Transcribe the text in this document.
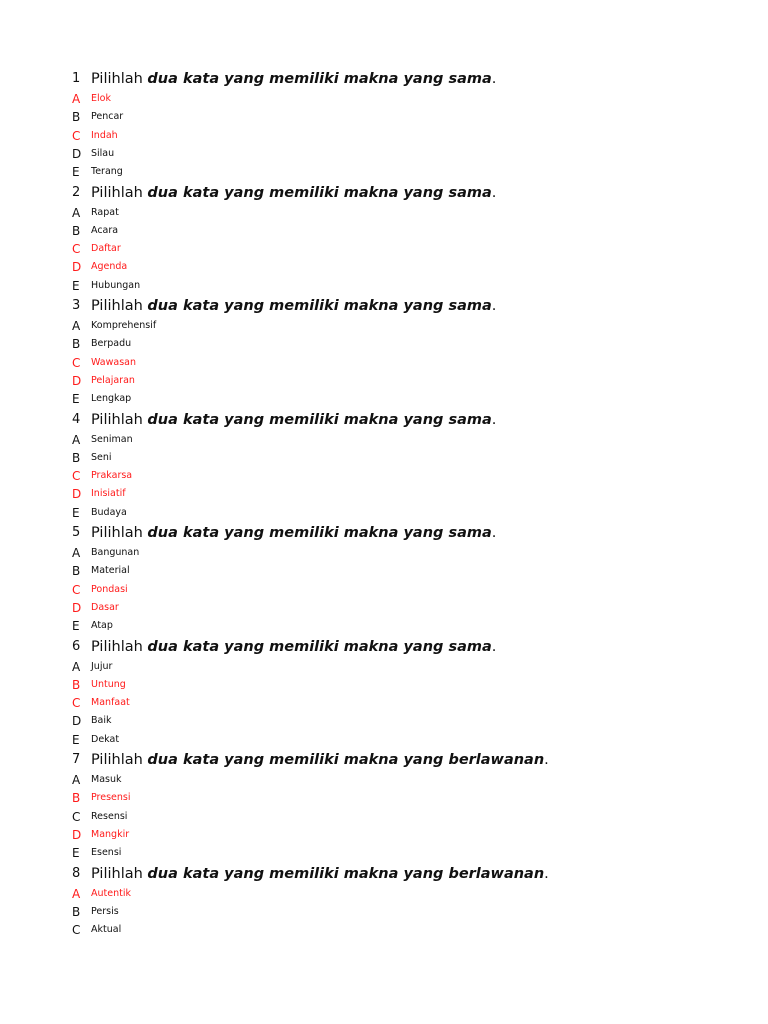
1 Pilihlah dua kata yang memiliki makna yang sama.
A Elok
B Pencar
C Indah
D Silau
E Terang
2 Pilihlah dua kata yang memiliki makna yang sama.
A Rapat
B Acara
C Daftar
D Agenda
E Hubungan
3 Pilihlah dua kata yang memiliki makna yang sama.
A Komprehensif
B Berpadu
C Wawasan
D Pelajaran
E Lengkap
4 Pilihlah dua kata yang memiliki makna yang sama.
A Seniman
B Seni
C Prakarsa
D Inisiatif
E Budaya
5 Pilihlah dua kata yang memiliki makna yang sama.
A Bangunan
B Material
C Pondasi
D Dasar
E Atap
6 Pilihlah dua kata yang memiliki makna yang sama.
A Jujur
B Untung
C Manfaat
D Baik
E Dekat
7 Pilihlah dua kata yang memiliki makna yang berlawanan.
A Masuk
B Presensi
C Resensi
D Mangkir
E Esensi
8 Pilihlah dua kata yang memiliki makna yang berlawanan.
A Autentik
B Persis
C Aktual
